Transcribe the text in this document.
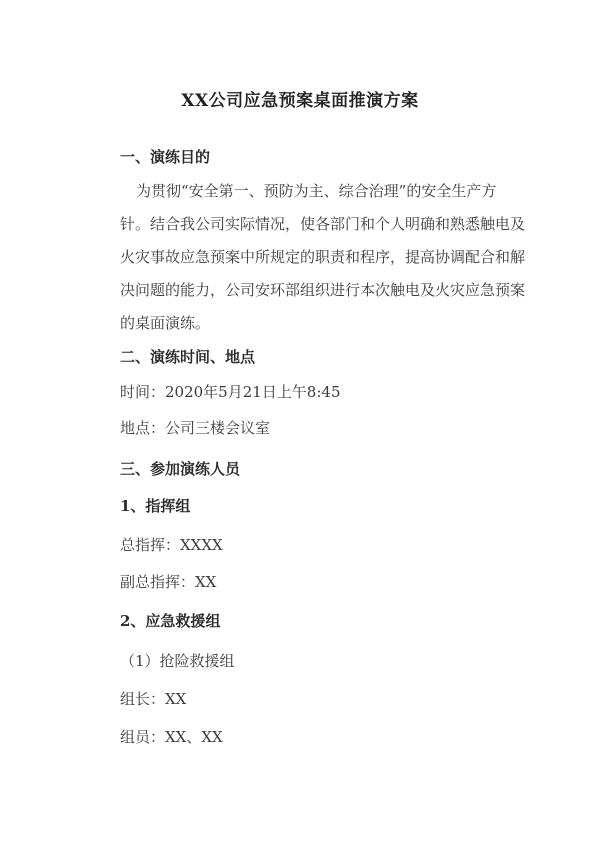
XX公司应急预案桌面推演方案
一、演练目的
为贯彻“安全第一、预防为主、综合治理”的安全生产方
针。结合我公司实际情况，使各部门和个人明确和熟悉触电及
火灾事故应急预案中所规定的职责和程序，提高协调配合和解
决问题的能力，公司安环部组织进行本次触电及火灾应急预案
的桌面演练。
二、演练时间、地点
时间：2020年5月21日上午8:45
地点：公司三楼会议室
三、参加演练人员
1、指挥组
总指挥：XXXX
副总指挥：XX
2、应急救援组
（1）抢险救援组
组长：XX
组员：XX、XX
